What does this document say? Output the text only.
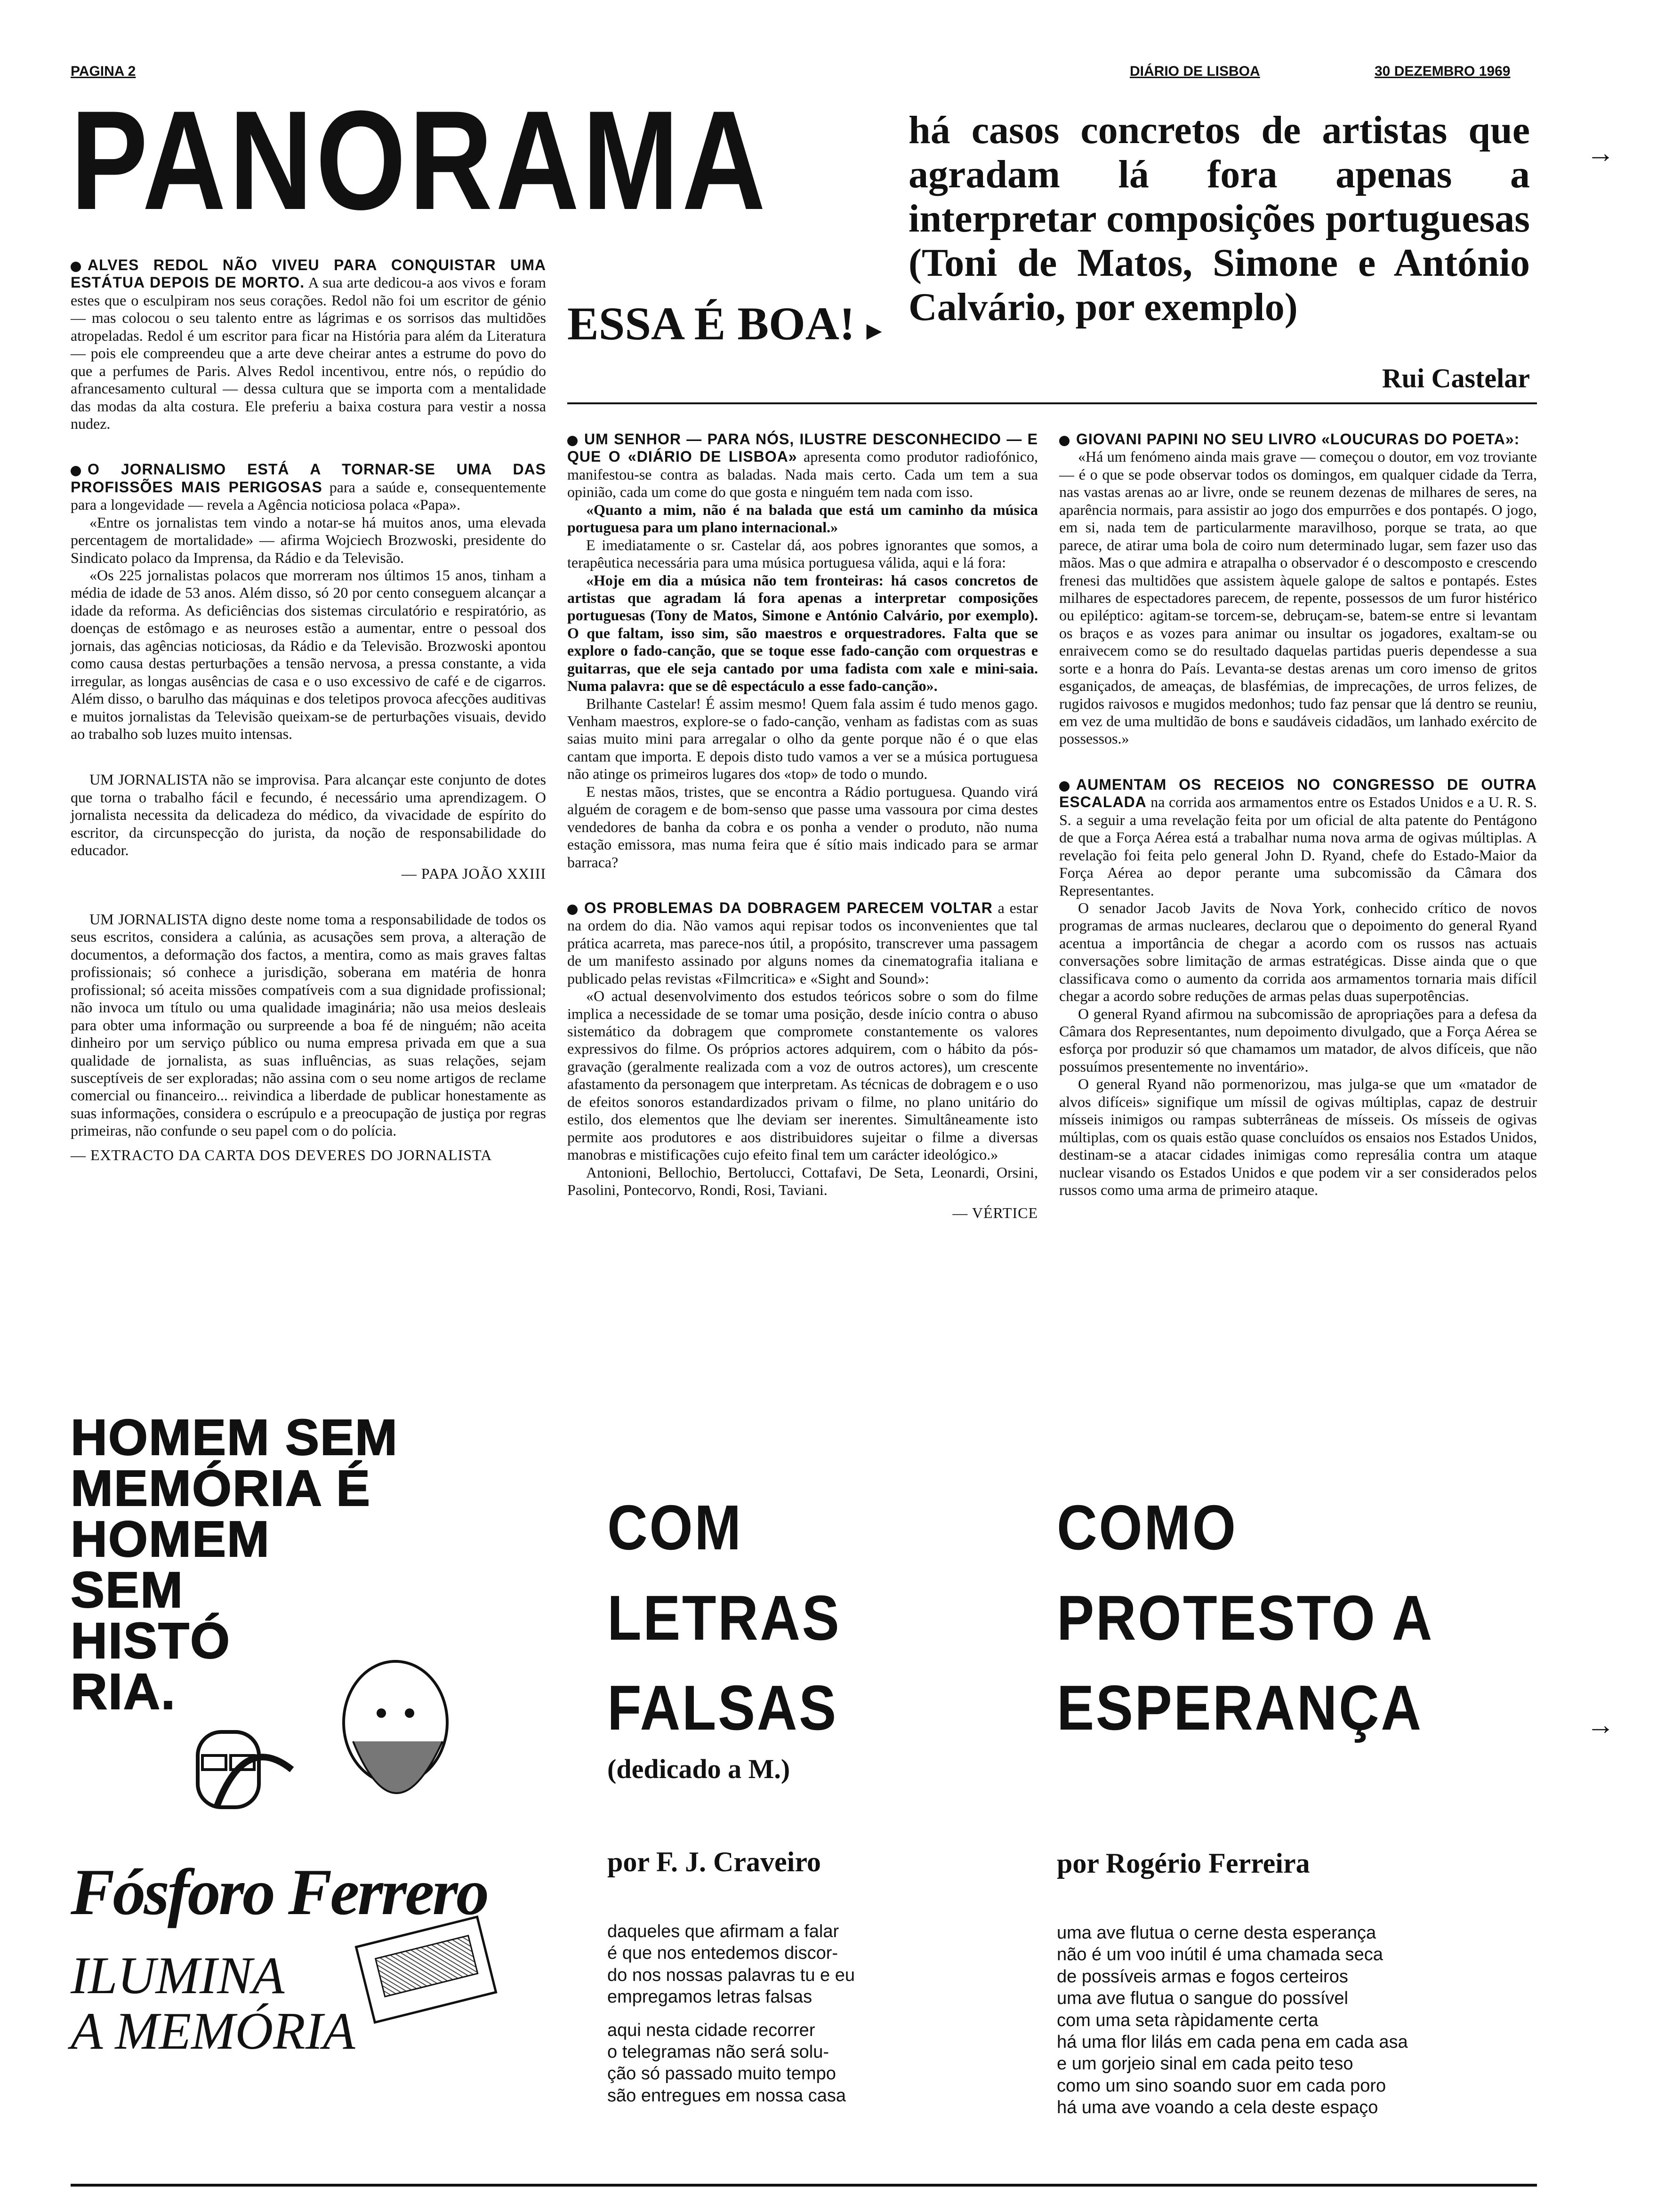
PAGINA 2	DIÁRIO DE LISBOA	30 DEZEMBRO 1969
PANORAMA	há casos concretos de artistas que agradam lá fora apenas a interpretar composições portuguesas (Toni de Matos, Simone e António Calvário, por exemplo)
ESSA É BOA! ▸
Rui Castelar

ALVES REDOL NÃO VIVEU PARA CONQUISTAR UMA ESTÁTUA DEPOIS DE MORTO. A sua arte dedicou-a aos vivos e foram estes que o esculpiram nos seus corações. Redol não foi um escritor de génio — mas colocou o seu talento entre as lágrimas e os sorrisos das multidões atropeladas. Redol é um escritor para ficar na História para além da Literatura — pois ele compreendeu que a arte deve cheirar antes a estrume do povo do que a perfumes de Paris. Alves Redol incentivou, entre nós, o repúdio do afrancesamento cultural — dessa cultura que se importa com a mentalidade das modas da alta costura. Ele preferiu a baixa costura para vestir a nossa nudez.

O JORNALISMO ESTÁ A TORNAR-SE UMA DAS PROFISSÕES MAIS PERIGOSAS para a saúde e, consequentemente para a longevidade — revela a Agência noticiosa polaca «Papa».

«Entre os jornalistas tem vindo a notar-se há muitos anos, uma elevada percentagem de mortalidade» — afirma Wojciech Brozwoski, presidente do Sindicato polaco da Imprensa, da Rádio e da Televisão.

«Os 225 jornalistas polacos que morreram nos últimos 15 anos, tinham a média de idade de 53 anos. Além disso, só 20 por cento conseguem alcançar a idade da reforma. As deficiências dos sistemas circulatório e respiratório, as doenças de estômago e as neuroses estão a aumentar, entre o pessoal dos jornais, das agências noticiosas, da Rádio e da Televisão. Brozwoski apontou como causa destas perturbações a tensão nervosa, a pressa constante, a vida irregular, as longas ausências de casa e o uso excessivo de café e de cigarros. Além disso, o barulho das máquinas e dos teletipos provoca afecções auditivas e muitos jornalistas da Televisão queixam-se de perturbações visuais, devido ao trabalho sob luzes muito intensas.

UM JORNALISTA não se improvisa. Para alcançar este conjunto de dotes que torna o trabalho fácil e fecundo, é necessário uma aprendizagem. O jornalista necessita da delicadeza do médico, da vivacidade de espírito do escritor, da circunspecção do jurista, da noção de responsabilidade do educador.

— PAPA JOÃO XXIII

UM JORNALISTA digno deste nome toma a responsabilidade de todos os seus escritos, considera a calúnia, as acusações sem prova, a alteração de documentos, a deformação dos factos, a mentira, como as mais graves faltas profissionais; só conhece a jurisdição, soberana em matéria de honra profissional; só aceita missões compatíveis com a sua dignidade profissional; não invoca um título ou uma qualidade imaginária; não usa meios desleais para obter uma informação ou surpreende a boa fé de ninguém; não aceita dinheiro por um serviço público ou numa empresa privada em que a sua qualidade de jornalista, as suas influências, as suas relações, sejam susceptíveis de ser exploradas; não assina com o seu nome artigos de reclame comercial ou financeiro... reivindica a liberdade de publicar honestamente as suas informações, considera o escrúpulo e a preocupação de justiça por regras primeiras, não confunde o seu papel com o do polícia.

— EXTRACTO DA CARTA DOS DEVERES DO JORNALISTA

UM SENHOR — PARA NÓS, ILUSTRE DESCONHECIDO — E QUE O «DIÁRIO DE LISBOA» apresenta como produtor radiofónico, manifestou-se contra as baladas. Nada mais certo. Cada um tem a sua opinião, cada um come do que gosta e ninguém tem nada com isso.

«Quanto a mim, não é na balada que está um caminho da música portuguesa para um plano internacional.»

E imediatamente o sr. Castelar dá, aos pobres ignorantes que somos, a terapêutica necessária para uma música portuguesa válida, aqui e lá fora:

«Hoje em dia a música não tem fronteiras: há casos concretos de artistas que agradam lá fora apenas a interpretar composições portuguesas (Tony de Matos, Simone e António Calvário, por exemplo). O que faltam, isso sim, são maestros e orquestradores. Falta que se explore o fado-canção, que se toque esse fado-canção com orquestras e guitarras, que ele seja cantado por uma fadista com xale e mini-saia. Numa palavra: que se dê espectáculo a esse fado-canção».

Brilhante Castelar! É assim mesmo! Quem fala assim é tudo menos gago. Venham maestros, explore-se o fado-canção, venham as fadistas com as suas saias muito mini para arregalar o olho da gente porque não é o que elas cantam que importa. E depois disto tudo vamos a ver se a música portuguesa não atinge os primeiros lugares dos «top» de todo o mundo.

E nestas mãos, tristes, que se encontra a Rádio portuguesa. Quando virá alguém de coragem e de bom-senso que passe uma vassoura por cima destes vendedores de banha da cobra e os ponha a vender o produto, não numa estação emissora, mas numa feira que é sítio mais indicado para se armar barraca?

OS PROBLEMAS DA DOBRAGEM PARECEM VOLTAR a estar na ordem do dia. Não vamos aqui repisar todos os inconvenientes que tal prática acarreta, mas parece-nos útil, a propósito, transcrever uma passagem de um manifesto assinado por alguns nomes da cinematografia italiana e publicado pelas revistas «Filmcritica» e «Sight and Sound»:

«O actual desenvolvimento dos estudos teóricos sobre o som do filme implica a necessidade de se tomar uma posição, desde início contra o abuso sistemático da dobragem que compromete constantemente os valores expressivos do filme. Os próprios actores adquirem, com o hábito da pós-gravação (geralmente realizada com a voz de outros actores), um crescente afastamento da personagem que interpretam. As técnicas de dobragem e o uso de efeitos sonoros estandardizados privam o filme, no plano unitário do estilo, dos elementos que lhe deviam ser inerentes. Simultâneamente isto permite aos produtores e aos distribuidores sujeitar o filme a diversas manobras e mistificações cujo efeito final tem um carácter ideológico.»

Antonioni, Bellochio, Bertolucci, Cottafavi, De Seta, Leonardi, Orsini, Pasolini, Pontecorvo, Rondi, Rosi, Taviani.

— VÉRTICE

GIOVANI PAPINI NO SEU LIVRO «LOUCURAS DO POETA»:

«Há um fenómeno ainda mais grave — começou o doutor, em voz troviante — é o que se pode observar todos os domingos, em qualquer cidade da Terra, nas vastas arenas ao ar livre, onde se reunem dezenas de milhares de seres, na aparência normais, para assistir ao jogo dos empurrões e dos pontapés. O jogo, em si, nada tem de particularmente maravilhoso, porque se trata, ao que parece, de atirar uma bola de coiro num determinado lugar, sem fazer uso das mãos. Mas o que admira e atrapalha o observador é o descomposto e crescendo frenesi das multidões que assistem àquele galope de saltos e pontapés. Estes milhares de espectadores parecem, de repente, possessos de um furor histérico ou epiléptico: agitam-se torcem-se, debruçam-se, batem-se entre si levantam os braços e as vozes para animar ou insultar os jogadores, exaltam-se ou enraivecem como se do resultado daquelas partidas pueris dependesse a sua sorte e a honra do País. Levanta-se destas arenas um coro imenso de gritos esganiçados, de ameaças, de blasfémias, de imprecações, de urros felizes, de rugidos raivosos e mugidos medonhos; tudo faz pensar que lá dentro se reuniu, em vez de uma multidão de bons e saudáveis cidadãos, um lanhado exército de possessos.»

AUMENTAM OS RECEIOS NO CONGRESSO DE OUTRA ESCALADA na corrida aos armamentos entre os Estados Unidos e a U. R. S. S. a seguir a uma revelação feita por um oficial de alta patente do Pentágono de que a Força Aérea está a trabalhar numa nova arma de ogivas múltiplas. A revelação foi feita pelo general John D. Ryand, chefe do Estado-Maior da Força Aérea ao depor perante uma subcomissão da Câmara dos Representantes.

O senador Jacob Javits de Nova York, conhecido crítico de novos programas de armas nucleares, declarou que o depoimento do general Ryand acentua a importância de chegar a acordo com os russos nas actuais conversações sobre limitação de armas estratégicas. Disse ainda que o que classificava como o aumento da corrida aos armamentos tornaria mais difícil chegar a acordo sobre reduções de armas pelas duas superpotências.

O general Ryand afirmou na subcomissão de apropriações para a defesa da Câmara dos Representantes, num depoimento divulgado, que a Força Aérea se esforça por produzir só que chamamos um matador, de alvos difíceis, que não possuímos presentemente no inventário».

O general Ryand não pormenorizou, mas julga-se que um «matador de alvos difíceis» signifique um míssil de ogivas múltiplas, capaz de destruir mísseis inimigos ou rampas subterrâneas de mísseis. Os mísseis de ogivas múltiplas, com os quais estão quase concluídos os ensaios nos Estados Unidos, destinam-se a atacar cidades inimigas como represália contra um ataque nuclear visando os Estados Unidos e que podem vir a ser considerados pelos russos como uma arma de primeiro ataque.

HOMEM SEM
MEMÓRIA É
HOMEM
SEM
HISTÓ
RIA.
Fósforo Ferrero
ILUMINA
A MEMÓRIA
COM
LETRAS
FALSAS
(dedicado a M.)
por F. J. Craveiro
daqueles que afirmam a falar
é que nos entedemos discor-
do nos nossas palavras tu e eu
empregamos letras falsas
aqui nesta cidade recorrer
o telegramas não será solu-
ção só passado muito tempo
são entregues em nossa casa
COMO
PROTESTO A
ESPERANÇA
por Rogério Ferreira
uma ave flutua o cerne desta esperança
não é um voo inútil é uma chamada seca
de possíveis armas e fogos certeiros
uma ave flutua o sangue do possível
com uma seta ràpidamente certa
há uma flor lilás em cada pena em cada asa
e um gorjeio sinal em cada peito teso
como um sino soando suor em cada poro
há uma ave voando a cela deste espaço
→
→
